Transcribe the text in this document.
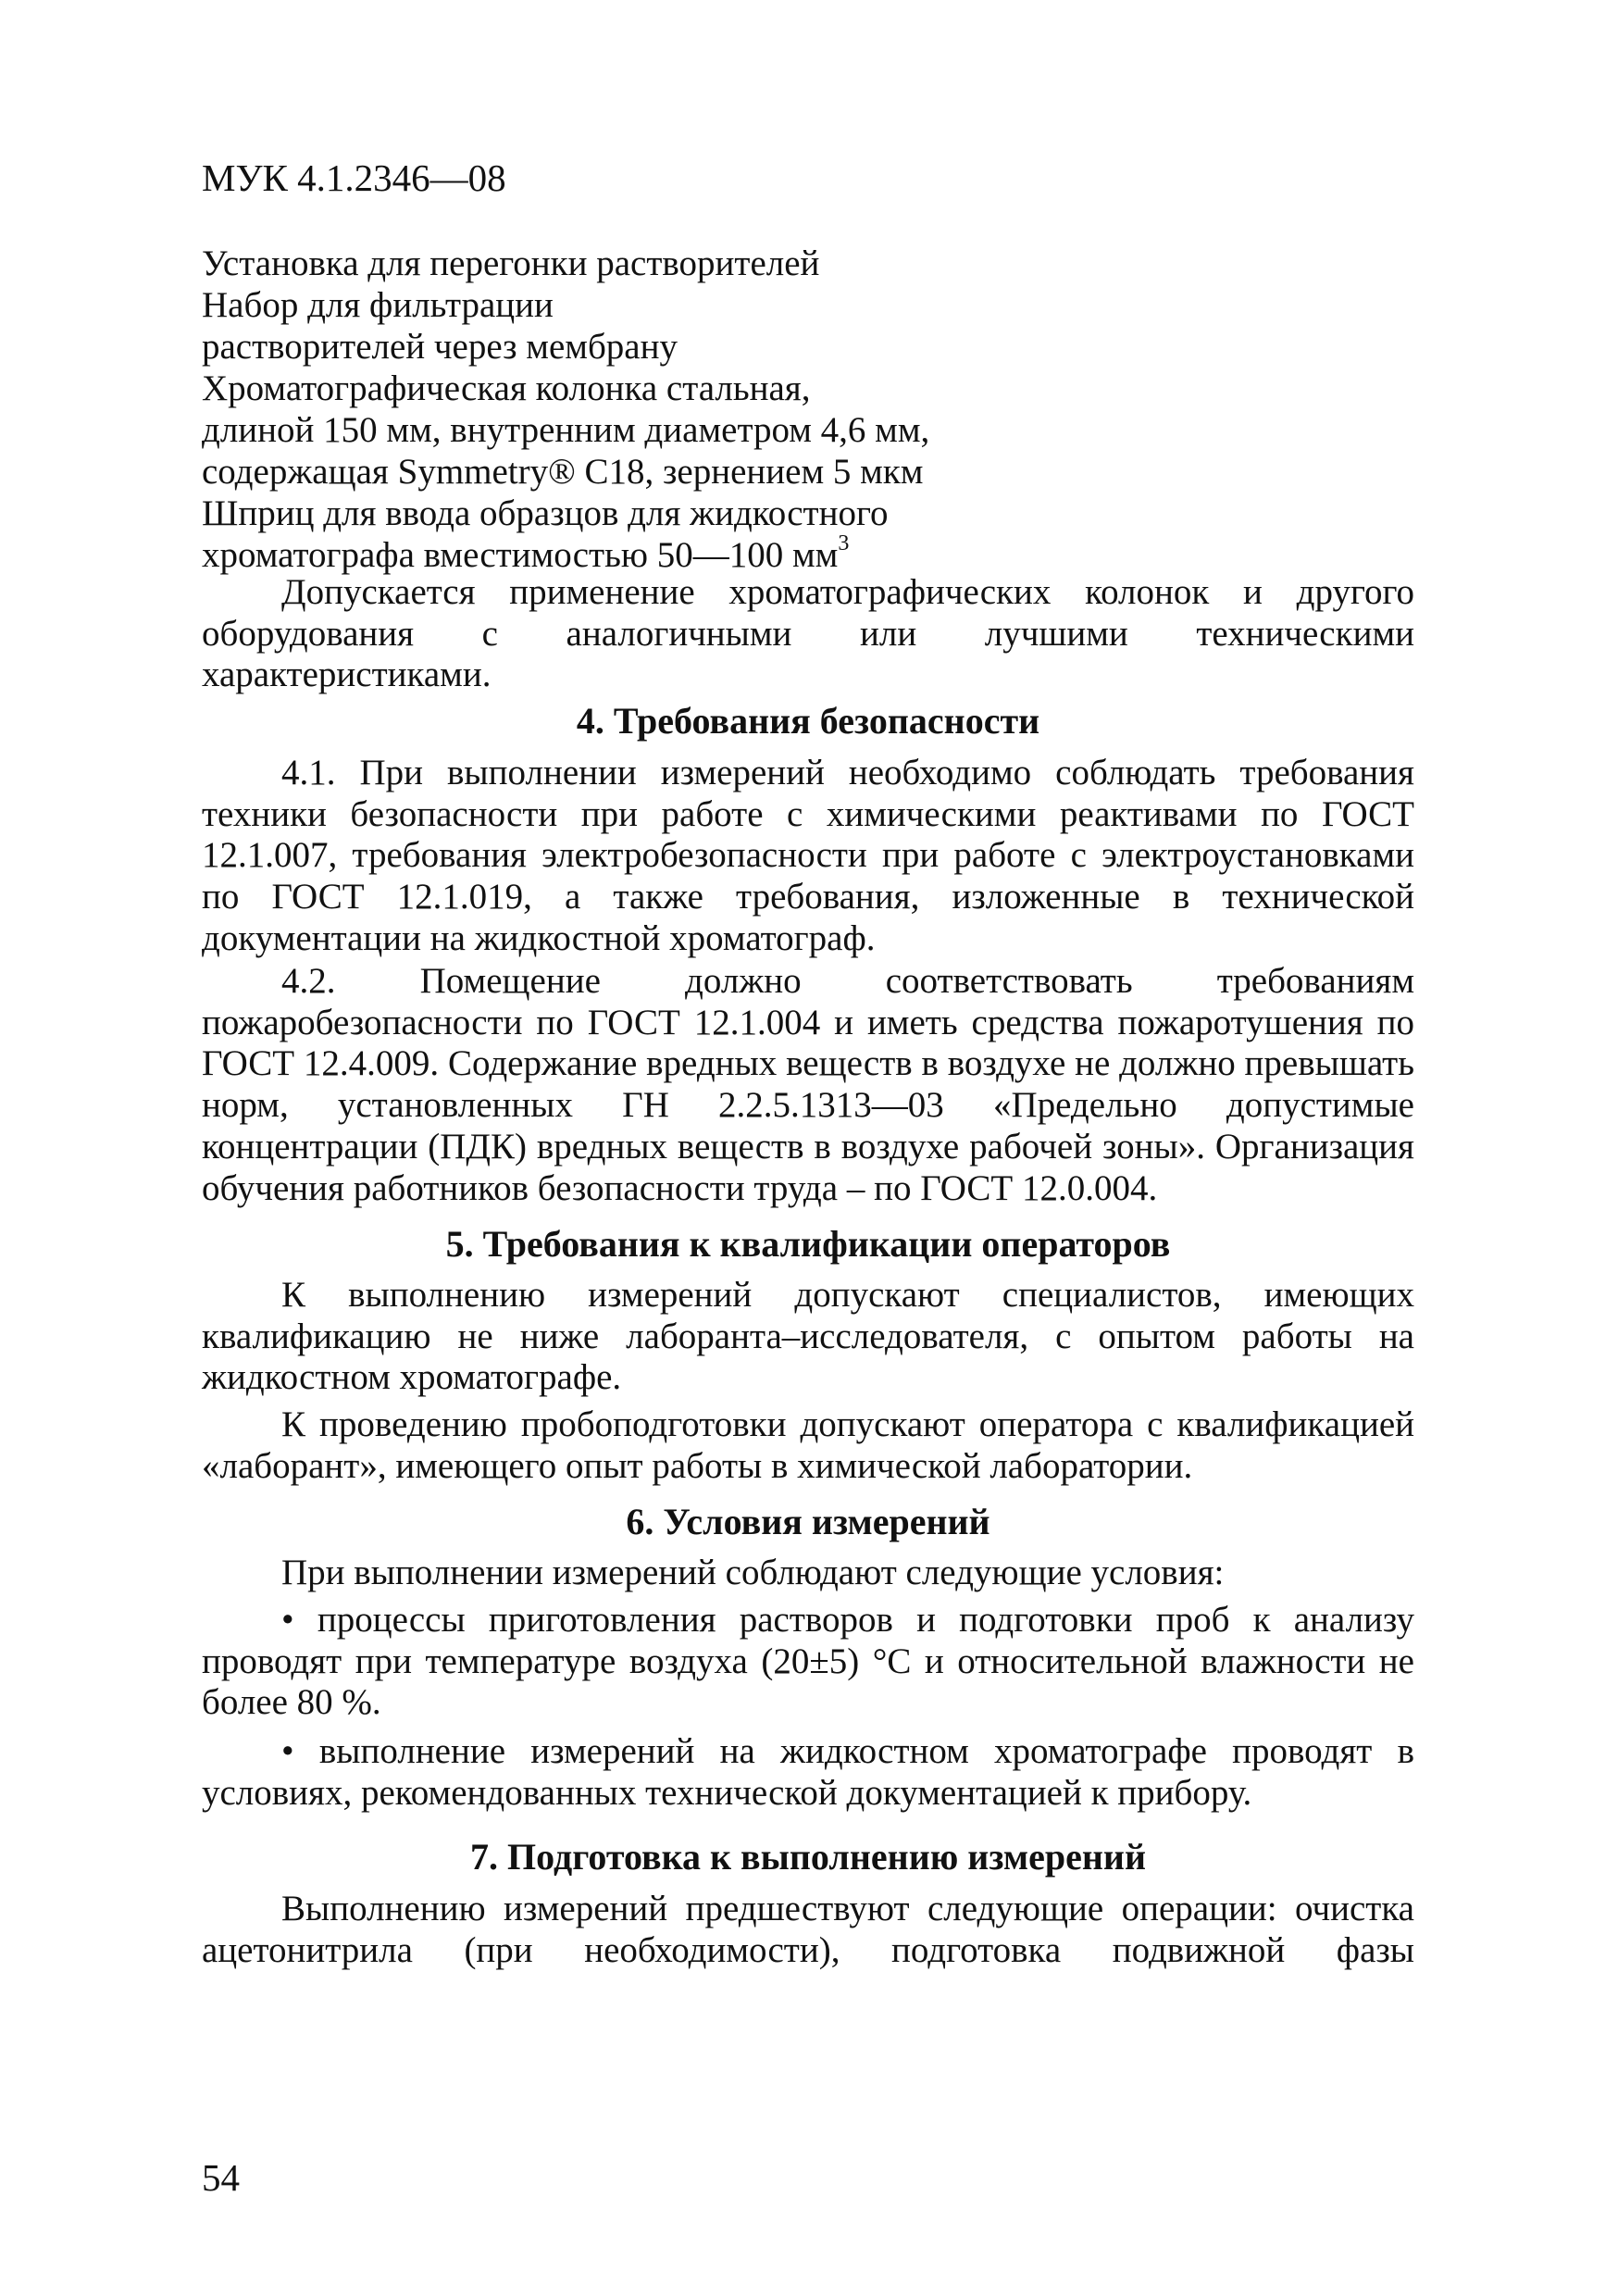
МУК 4.1.2346—08
Установка для перегонки растворителей
Набор для фильтрации
растворителей через мембрану
Хроматографическая колонка стальная,
длиной 150 мм, внутренним диаметром 4,6 мм,
содержащая Symmetry® C18, зернением 5 мкм
Шприц для ввода образцов для жидкостного
хроматографа вместимостью 50—100 $мм^3$

Допускается применение хроматографических колонок и другого оборудования с аналогичными или лучшими техническими характеристиками.

4. Требования безопасности

4.1. При выполнении измерений необходимо соблюдать требования техники безопасности при работе с химическими реактивами по ГОСТ 12.1.007, требования электробезопасности при работе с электроустановками по ГОСТ 12.1.019, а также требования, изложенные в технической документации на жидкостной хроматограф.

4.2. Помещение должно соответствовать требованиям пожаробезопасности по ГОСТ 12.1.004 и иметь средства пожаротушения по ГОСТ 12.4.009. Содержание вредных веществ в воздухе не должно превышать норм, установленных ГН 2.2.5.1313—03 «Предельно допустимые концентрации (ПДК) вредных веществ в воздухе рабочей зоны». Организация обучения работников безопасности труда – по ГОСТ 12.0.004.

5. Требования к квалификации операторов

К выполнению измерений допускают специалистов, имеющих квалификацию не ниже лаборанта–исследователя, с опытом работы на жидкостном хроматографе.

К проведению пробоподготовки допускают оператора с квалификацией «лаборант», имеющего опыт работы в химической лаборатории.

6. Условия измерений

При выполнении измерений соблюдают следующие условия:

• процессы приготовления растворов и подготовки проб к анализу проводят при температуре воздуха (20±5) °С и относительной влажности не более 80 %.

• выполнение измерений на жидкостном хроматографе проводят в условиях, рекомендованных технической документацией к прибору.

7. Подготовка к выполнению измерений

Выполнению измерений предшествуют следующие операции: очистка ацетонитрила (при необходимости), подготовка подвижной фазы

54
